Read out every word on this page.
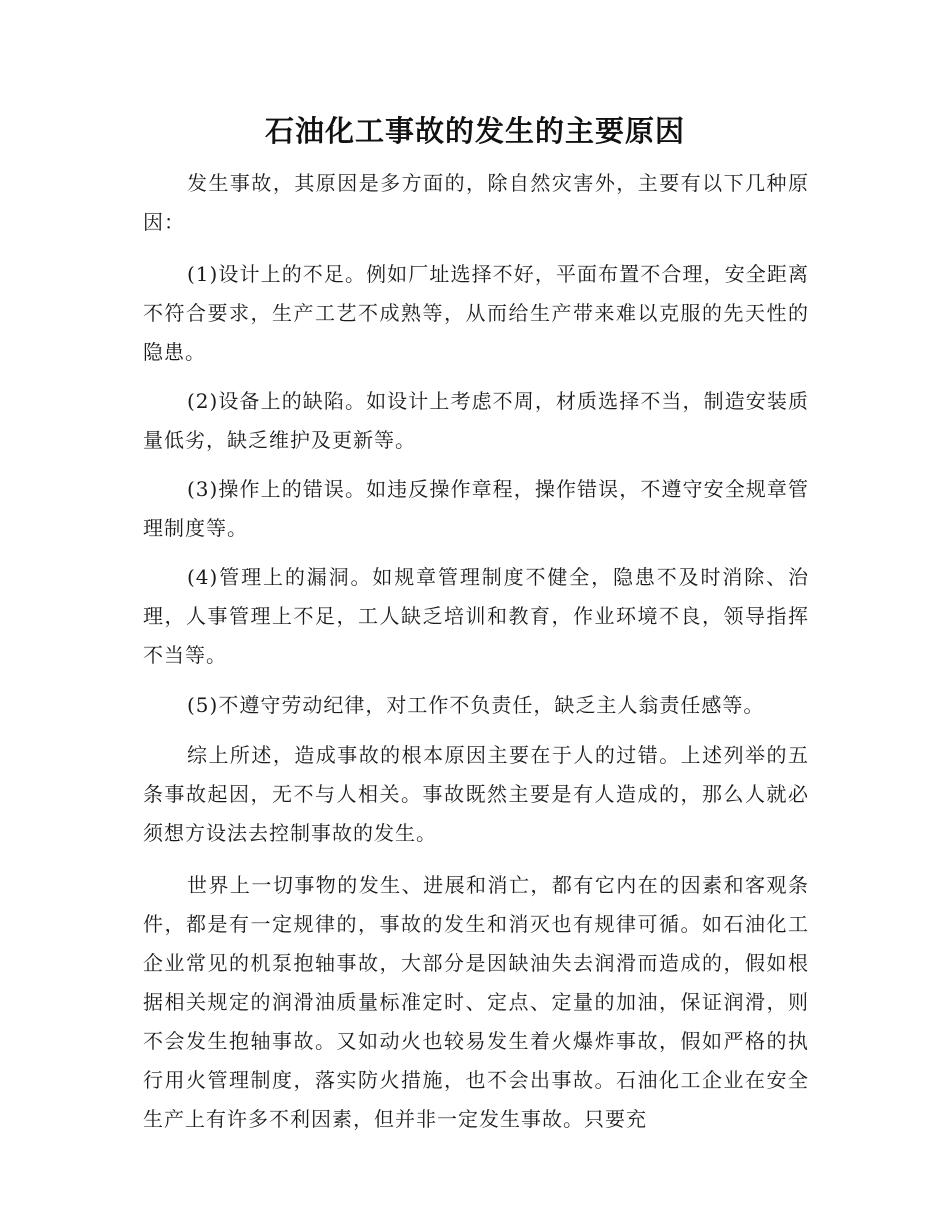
石油化工事故的发生的主要原因

发生事故，其原因是多方面的，除自然灾害外，主要有以下几种原因：

(1)设计上的不足。例如厂址选择不好，平面布置不合理，安全距离不符合要求，生产工艺不成熟等，从而给生产带来难以克服的先天性的隐患。

(2)设备上的缺陷。如设计上考虑不周，材质选择不当，制造安装质量低劣，缺乏维护及更新等。

(3)操作上的错误。如违反操作章程，操作错误，不遵守安全规章管理制度等。

(4)管理上的漏洞。如规章管理制度不健全，隐患不及时消除、治理，人事管理上不足，工人缺乏培训和教育，作业环境不良，领导指挥不当等。

(5)不遵守劳动纪律，对工作不负责任，缺乏主人翁责任感等。

综上所述，造成事故的根本原因主要在于人的过错。上述列举的五条事故起因，无不与人相关。事故既然主要是有人造成的，那么人就必须想方设法去控制事故的发生。

世界上一切事物的发生、进展和消亡，都有它内在的因素和客观条件，都是有一定规律的，事故的发生和消灭也有规律可循。如石油化工企业常见的机泵抱轴事故，大部分是因缺油失去润滑而造成的，假如根据相关规定的润滑油质量标准定时、定点、定量的加油，保证润滑，则不会发生抱轴事故。又如动火也较易发生着火爆炸事故，假如严格的执行用火管理制度，落实防火措施，也不会出事故。石油化工企业在安全生产上有许多不利因素，但并非一定发生事故。只要充
